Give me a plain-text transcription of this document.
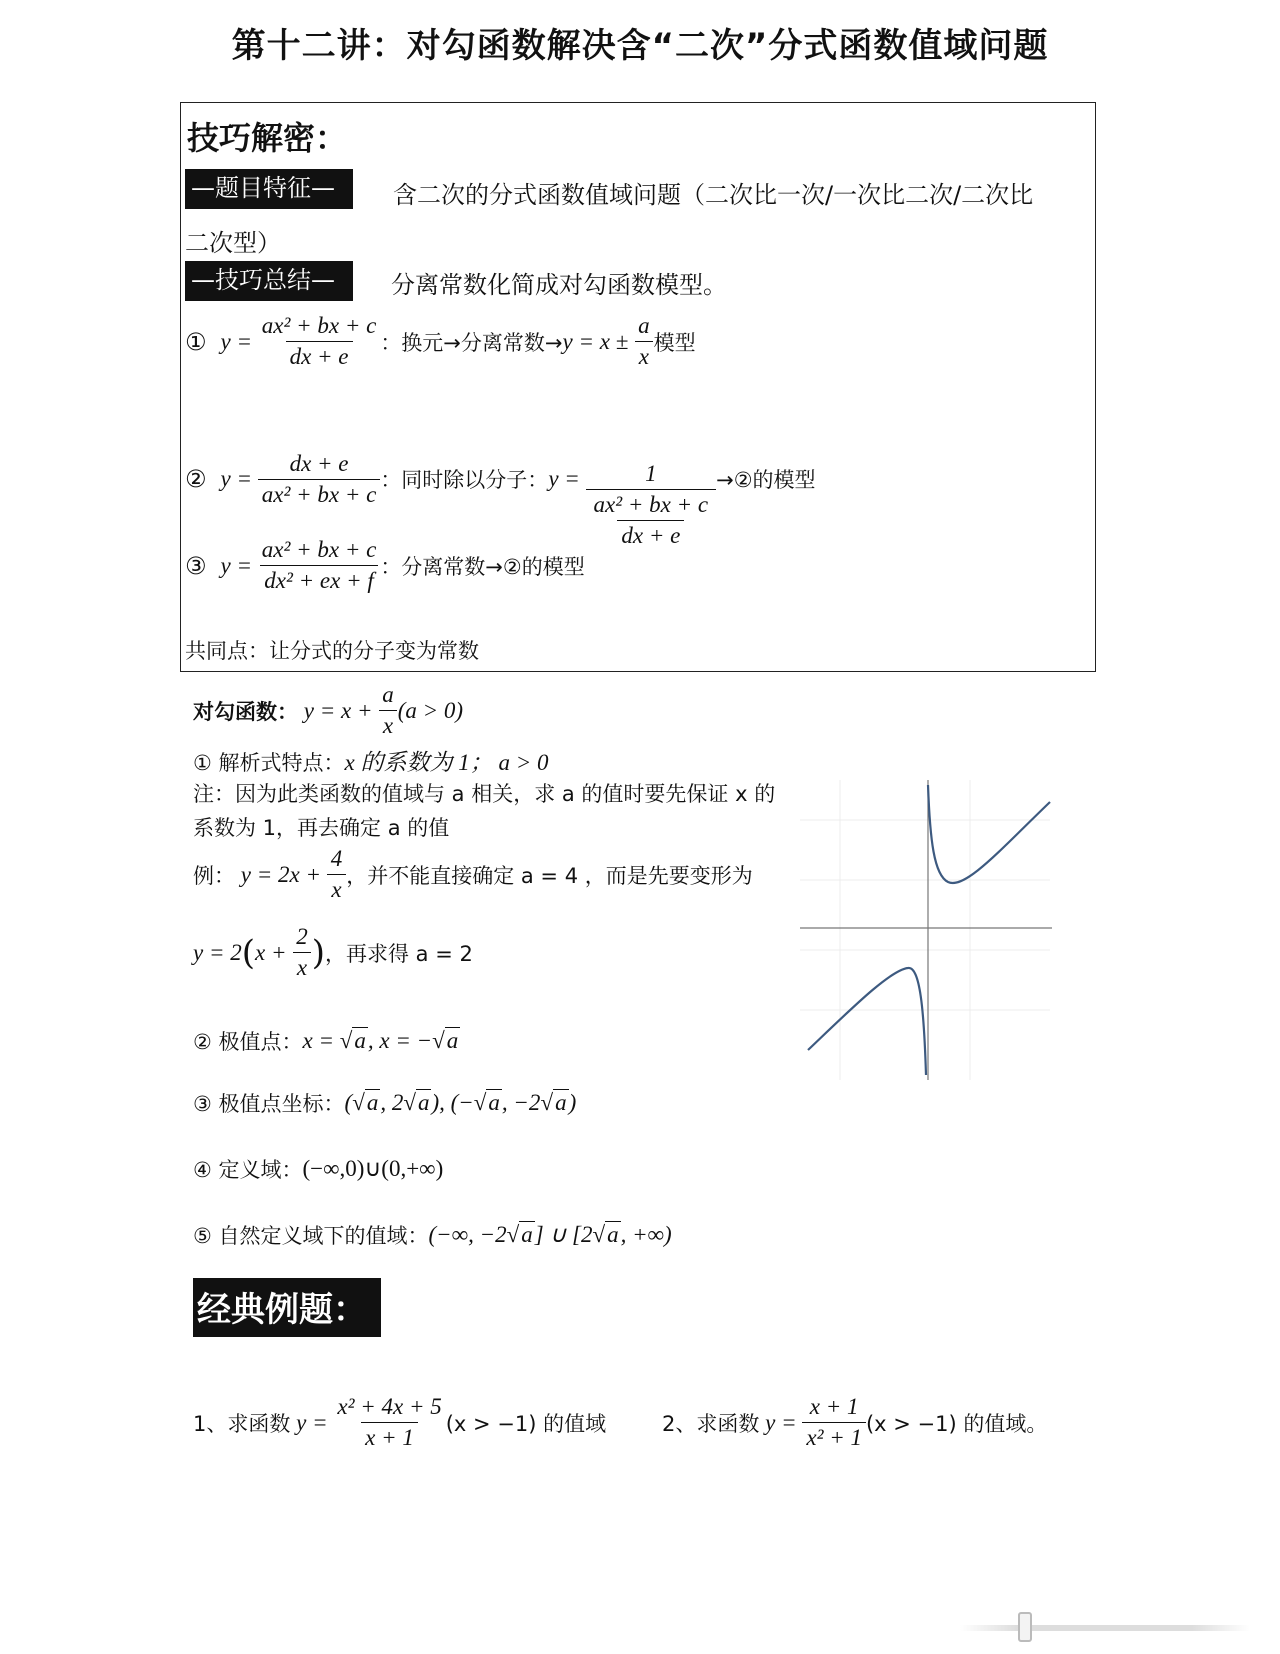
第十二讲：对勾函数解决含“二次”分式函数值域问题
技巧解密：
—题目特征—	含二次的分式函数值域问题（二次比一次/一次比二次/二次比
二次型）
—技巧总结—	分离常数化简成对勾函数模型。
① $y = \frac{\text{ax² + bx + c}}{dx + e}$ ：换元→分离常数→ $y = x \pm \frac{a}{x}$ 模型
② $y = \frac{dx + e}{\text{ax² + bx + c}}$ ：同时除以分子： $y = \frac{1}{\frac{\text{ax² + bx + c}}{dx + e}}$ →②的模型
③ $y = \frac{\text{ax² + bx + c}}{\text{dx² + ex + f}}$ ：分离常数→②的模型
共同点：让分式的分子变为常数
对勾函数： $y = x + \frac{a}{x} (a > 0)$
① 解析式特点：x 的系数为 1； a > 0
注：因为此类函数的值域与 a 相关，求 a 的值时要先保证 x 的
系数为 1，再去确定 a 的值
例： $y = 2x + \frac{4}{x}$ ，并不能直接确定 a = 4 ，而是先要变形为
y = 2 ( $x + \frac{2}{x}$ ) ，再求得 a = 2
② 极值点： x = √ a, x = − √ a
③ 极值点坐标： ( √ a, 2 √ a), (− √ a, −2 √ a)
④ 定义域： (−∞,0)∪(0,+∞)
⑤ 自然定义域下的值域： (−∞, −2 √ a] ∪ [2 √ a, +∞)
经典例题：
1、求函数 $y = \frac{\text{x² + 4x + 5}}{x + 1} (x > -1)$ 的值域	2、求函数 $y = \frac{x + 1}{\text{x² + 1}} (x > -1)$ 的值域。
